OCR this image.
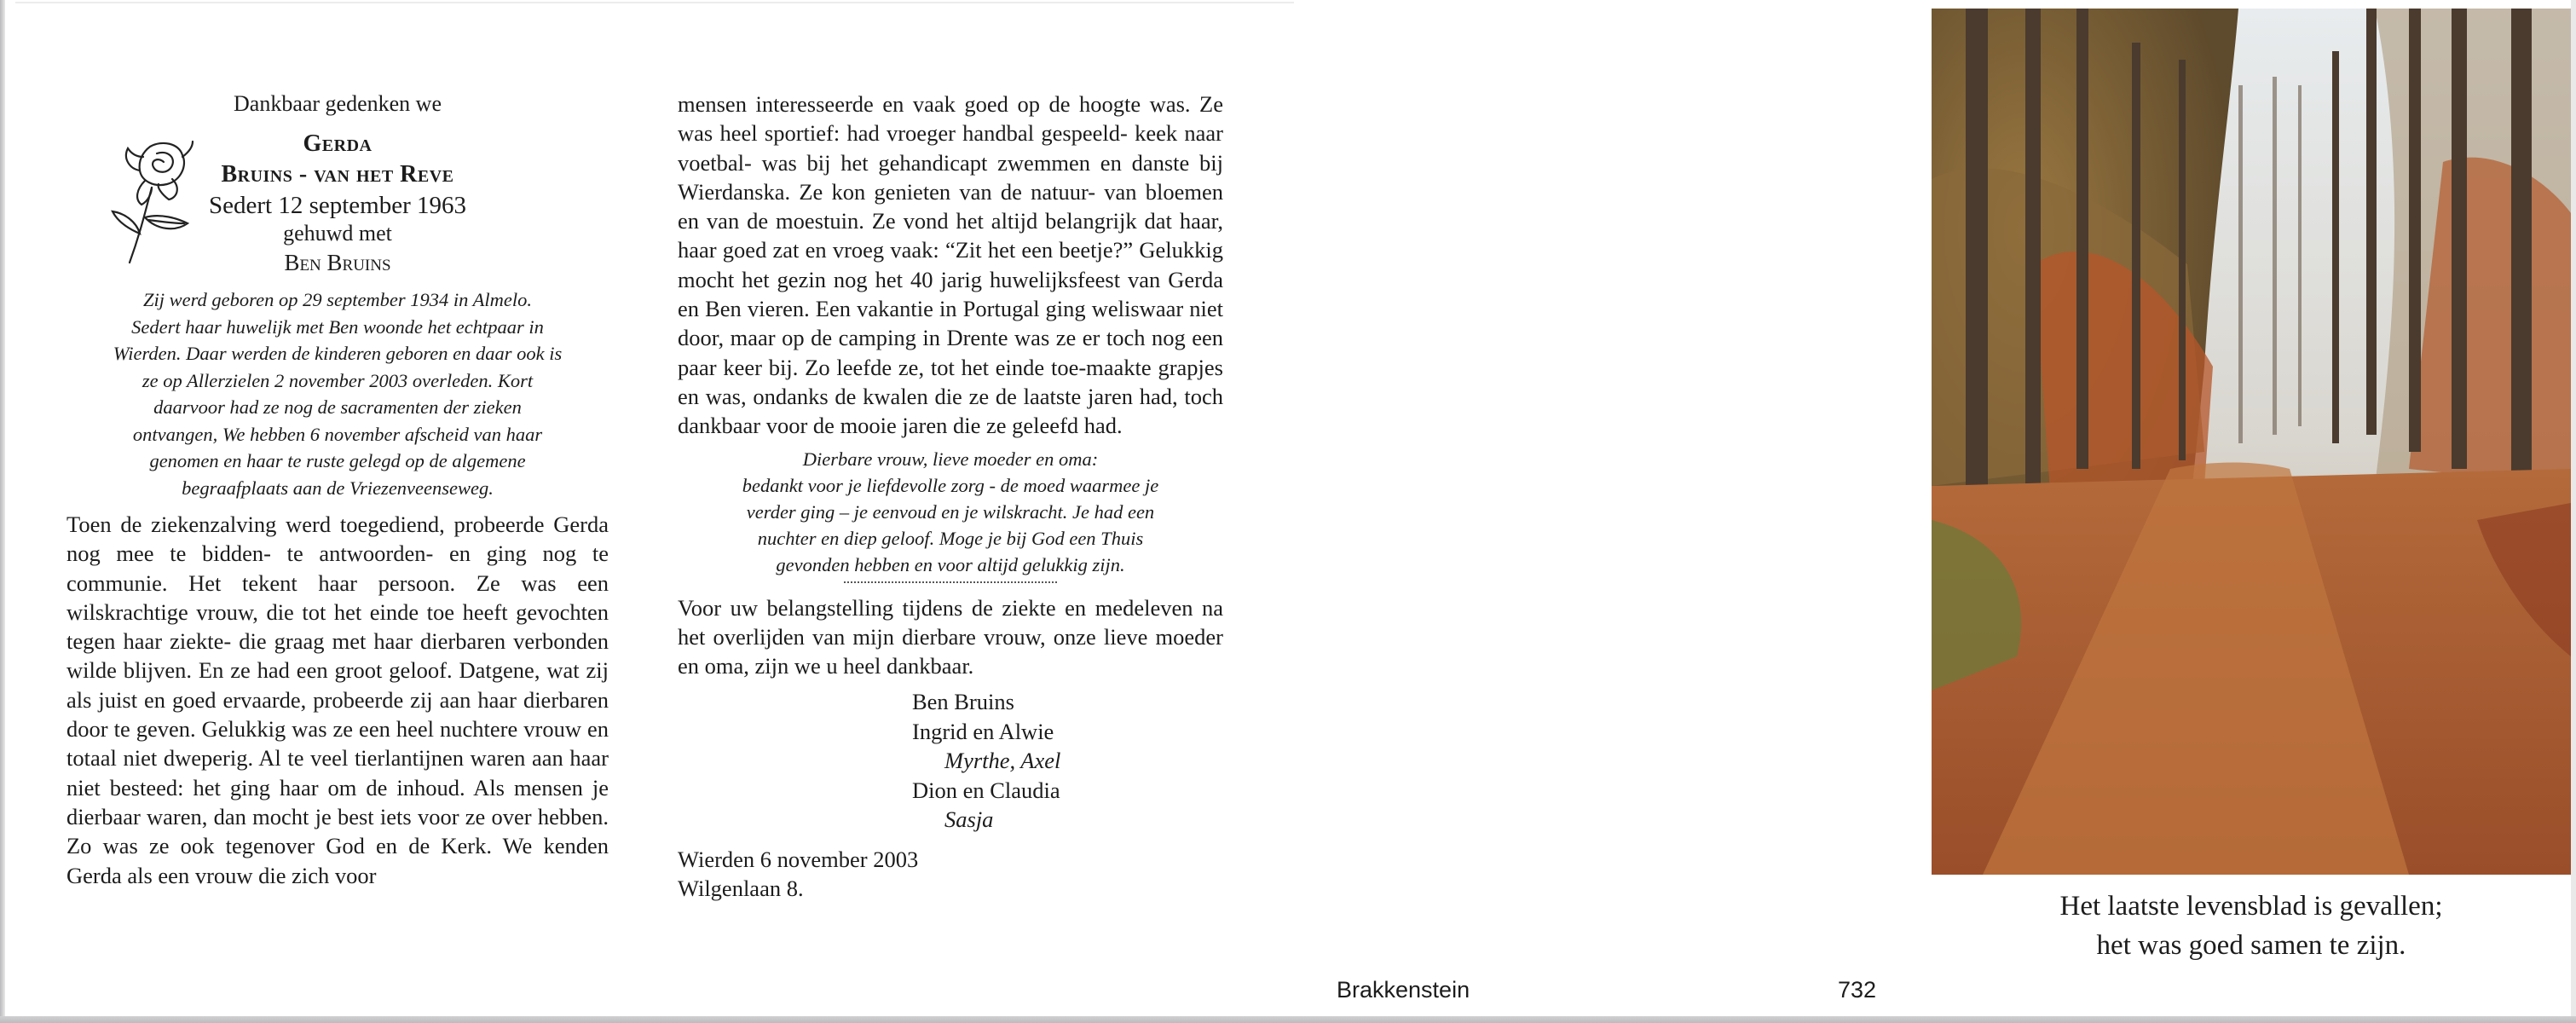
Dankbaar gedenken we
Gerda
Bruins - van het Reve
Sedert 12 september 1963
gehuwd met
Ben Bruins
Zij werd geboren op 29 september 1934 in Almelo.
Sedert haar huwelijk met Ben woonde het echtpaar in
Wierden. Daar werden de kinderen geboren en daar ook is
ze op Allerzielen 2 november 2003 overleden. Kort
daarvoor had ze nog de sacramenten der zieken
ontvangen, We hebben 6 november afscheid van haar
genomen en haar te ruste gelegd op de algemene
begraafplaats aan de Vriezenveenseweg.

Toen de ziekenzalving werd toegediend, probeerde Gerda nog mee te bidden- te antwoorden- en ging nog te communie. Het tekent haar persoon. Ze was een wilskrachtige vrouw, die tot het einde toe heeft gevochten tegen haar ziekte- die graag met haar dierbaren verbonden wilde blijven. En ze had een groot geloof. Datgene, wat zij als juist en goed ervaarde, probeerde zij aan haar dierbaren door te geven. Gelukkig was ze een heel nuchtere vrouw en totaal niet dweperig. Al te veel tierlantijnen waren aan haar niet besteed: het ging haar om de inhoud. Als mensen je dierbaar waren, dan mocht je best iets voor ze over hebben. Zo was ze ook tegenover God en de Kerk. We kenden Gerda als een vrouw die zich voor

mensen interesseerde en vaak goed op de hoogte was. Ze was heel sportief: had vroeger handbal gespeeld- keek naar voetbal- was bij het gehandicapt zwemmen en danste bij Wierdanska. Ze kon genieten van de natuur- van bloemen en van de moestuin. Ze vond het altijd belangrijk dat haar, haar goed zat en vroeg vaak: “Zit het een beetje?” Gelukkig mocht het gezin nog het 40 jarig huwelijksfeest van Gerda en Ben vieren. Een vakantie in Portugal ging weliswaar niet door, maar op de camping in Drente was ze er toch nog een paar keer bij. Zo leefde ze, tot het einde toe-maakte grapjes en was, ondanks de kwalen die ze de laatste jaren had, toch dankbaar voor de mooie jaren die ze geleefd had.

Dierbare vrouw, lieve moeder en oma:
bedankt voor je liefdevolle zorg - de moed waarmee je
verder ging – je eenvoud en je wilskracht. Je had een
nuchter en diep geloof. Moge je bij God een Thuis
gevonden hebben en voor altijd gelukkig zijn.

Voor uw belangstelling tijdens de ziekte en medeleven na het overlijden van mijn dierbare vrouw, onze lieve moeder en oma, zijn we u heel dankbaar.

Ben Bruins
Ingrid en Alwie
Myrthe, Axel
Dion en Claudia
Sasja
Wierden 6 november 2003
Wilgenlaan 8.
Het laatste levensblad is gevallen;
het was goed samen te zijn.
Brakkenstein	732
